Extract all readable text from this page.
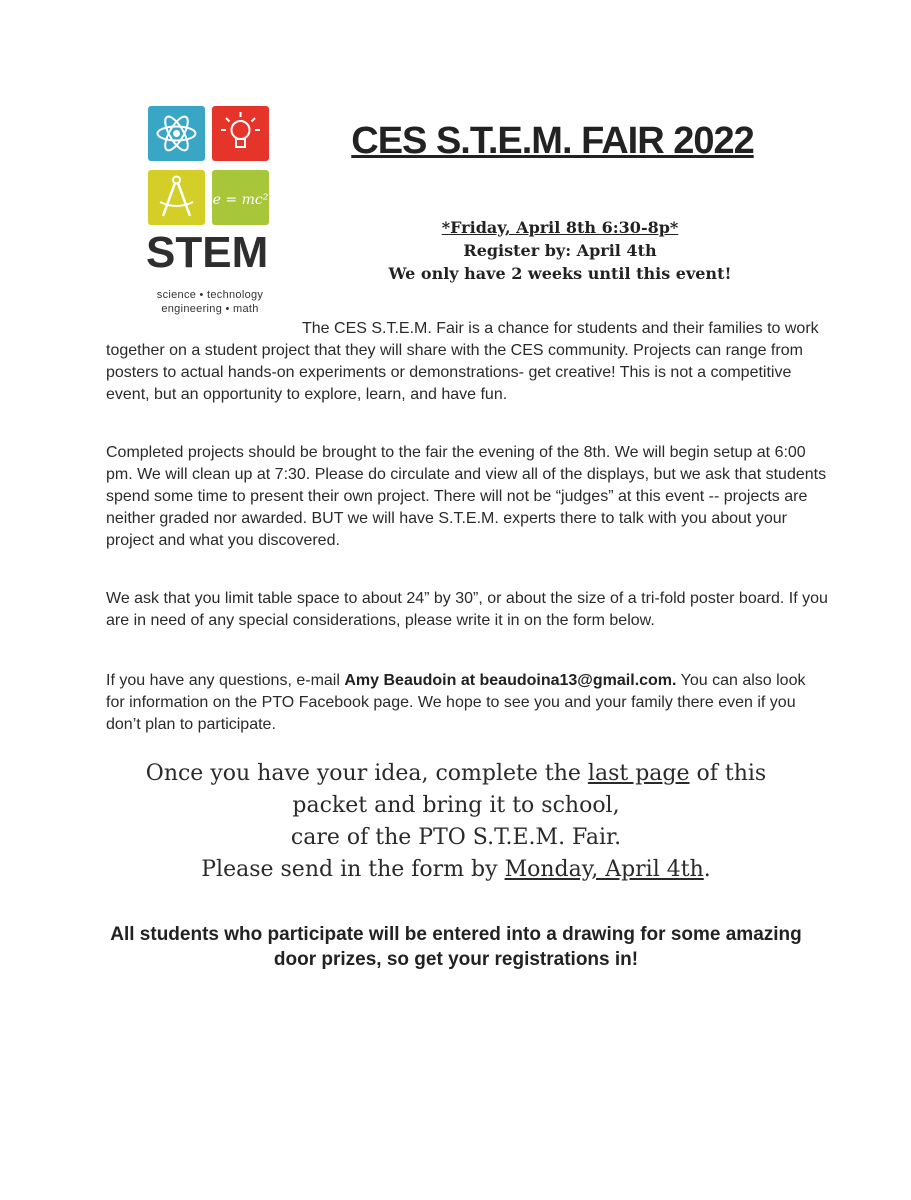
e = mc²
STEM
science • technology
engineering • math
CES S.T.E.M. FAIR 2022
*Friday, April 8th 6:30-8p*
Register by: April 4th
We only have 2 weeks until this event!
The CES S.T.E.M. Fair is a chance for students and their families to work together on a student project that they will share with the CES community. Projects can range from posters to actual hands-on experiments or demonstrations- get creative! This is not a competitive event, but an opportunity to explore, learn, and have fun.
Completed projects should be brought to the fair the evening of the 8th. We will begin setup at 6:00 pm. We will clean up at 7:30. Please do circulate and view all of the displays, but we ask that students spend some time to present their own project. There will not be “judges” at this event -- projects are neither graded nor awarded. BUT we will have S.T.E.M. experts there to talk with you about your project and what you discovered.
We ask that you limit table space to about 24” by 30”, or about the size of a tri-fold poster board. If you are in need of any special considerations, please write it in on the form below.
If you have any questions, e-mail Amy Beaudoin at beaudoina13@gmail.com. You can also look for information on the PTO Facebook page. We hope to see you and your family there even if you don’t plan to participate.
Once you have your idea, complete the last page of this
packet and bring it to school,
care of the PTO S.T.E.M. Fair.
Please send in the form by Monday, April 4th.
All students who participate will be entered into a drawing for some amazing door prizes, so get your registrations in!
